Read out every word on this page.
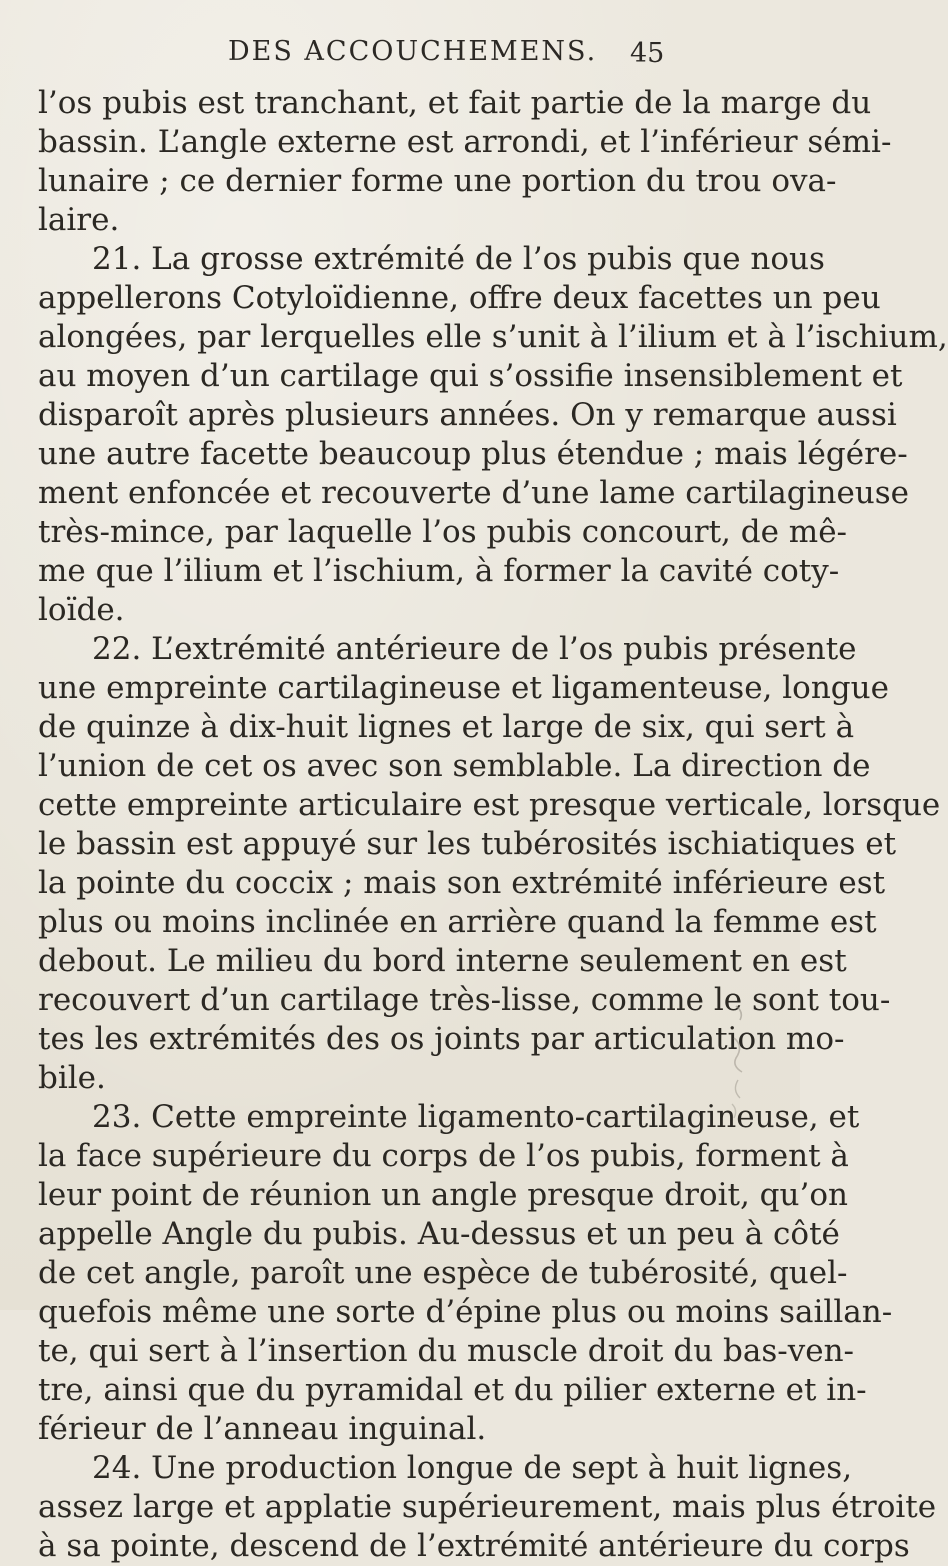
DES ACCOUCHEMENS. 45
l’os pubis est tranchant, et fait partie de la marge du
bassin. L’angle externe est arrondi, et l’inférieur sémi-
lunaire ; ce dernier forme une portion du trou ova-
laire.
21. La grosse extrémité de l’os pubis que nous
appellerons Cotyloïdienne, offre deux facettes un peu
alongées, par lerquelles elle s’unit à l’ilium et à l’ischium,
au moyen d’un cartilage qui s’ossifie insensiblement et
disparoît après plusieurs années. On y remarque aussi
une autre facette beaucoup plus étendue ; mais légére-
ment enfoncée et recouverte d’une lame cartilagineuse
très-mince, par laquelle l’os pubis concourt, de mê-
me que l’ilium et l’ischium, à former la cavité coty-
loïde.
22. L’extrémité antérieure de l’os pubis présente
une empreinte cartilagineuse et ligamenteuse, longue
de quinze à dix-huit lignes et large de six, qui sert à
l’union de cet os avec son semblable. La direction de
cette empreinte articulaire est presque verticale, lorsque
le bassin est appuyé sur les tubérosités ischiatiques et
la pointe du coccix ; mais son extrémité inférieure est
plus ou moins inclinée en arrière quand la femme est
debout. Le milieu du bord interne seulement en est
recouvert d’un cartilage très-lisse, comme le sont tou-
tes les extrémités des os joints par articulation mo-
bile.
23. Cette empreinte ligamento-cartilagineuse, et
la face supérieure du corps de l’os pubis, forment à
leur point de réunion un angle presque droit, qu’on
appelle Angle du pubis. Au-dessus et un peu à côté
de cet angle, paroît une espèce de tubérosité, quel-
quefois même une sorte d’épine plus ou moins saillan-
te, qui sert à l’insertion du muscle droit du bas-ven-
tre, ainsi que du pyramidal et du pilier externe et in-
férieur de l’anneau inguinal.
24. Une production longue de sept à huit lignes,
assez large et applatie supérieurement, mais plus étroite
à sa pointe, descend de l’extrémité antérieure du corps
